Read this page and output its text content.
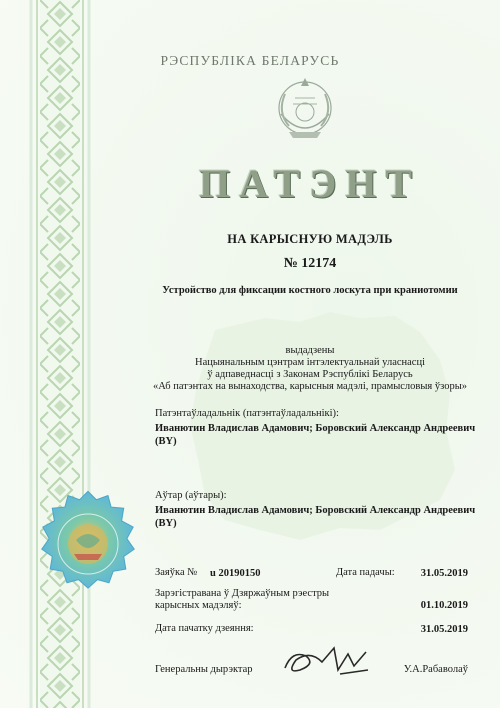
РЭСПУБЛІКА БЕЛАРУСЬ
ПАТЭНТ
НА КАРЫСНУЮ МАДЭЛЬ
№ 12174
Устройство для фиксации костного лоскута при краниотомии
выдадзены
Нацыянальным цэнтрам інтэлектуальнай уласнасці
ў адпаведнасці з Законам Рэспублікі Беларусь
«Аб патэнтах на вынаходства, карысныя мадэлі, прамысловыя ўзоры»
Патэнтаўладальнік (патэнтаўладальнікі):
Иванютин Владислав Адамович; Боровский Александр Андреевич
(BY)
Аўтар (аўтары):
Иванютин Владислав Адамович; Боровский Александр Андреевич
(BY)
Заяўка № u 20190150	Дата падачы:	31.05.2019
Зарэгістравана ў Дзяржаўным рэестры
карысных мадэляў:	01.10.2019
Дата пачатку дзеяння:	31.05.2019
Генеральны дырэктар	У.А.Рабаволаў
